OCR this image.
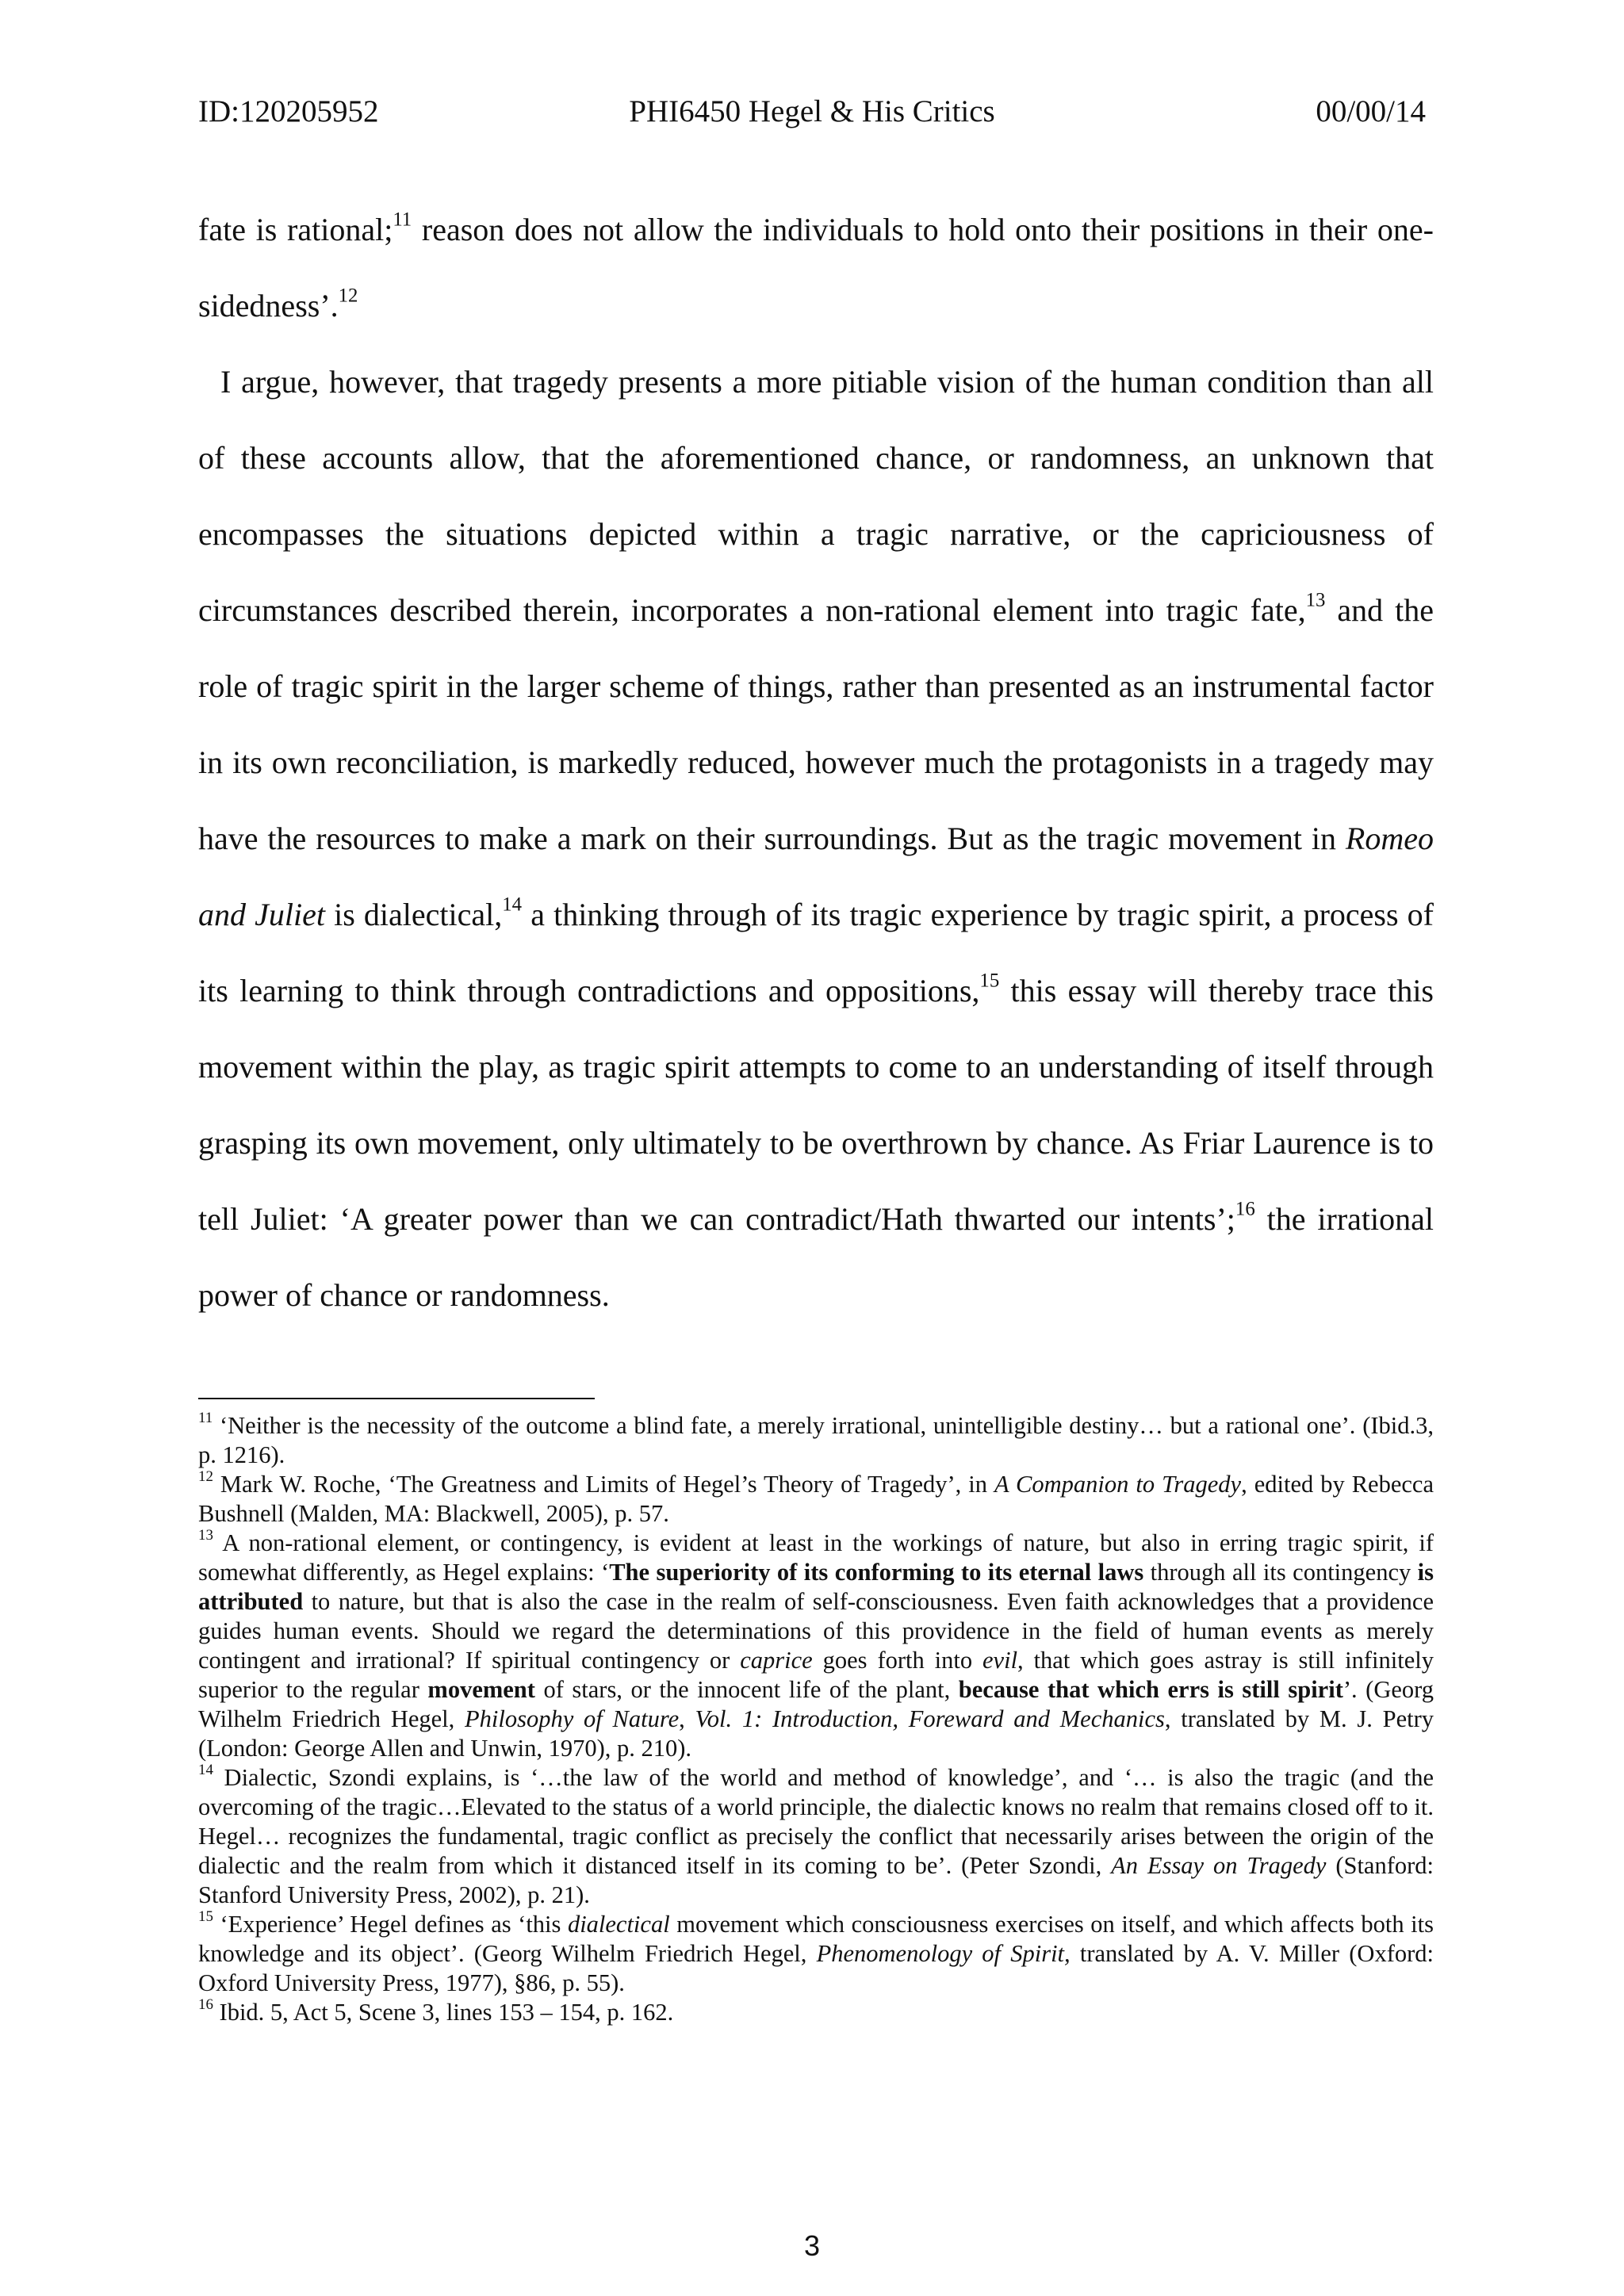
ID:120205952	PHI6450 Hegel & His Critics	00/00/14

fate is rational;$^{11}$ reason does not allow the individuals to hold onto their positions in their one-sidedness’.$^{12}$

I argue, however, that tragedy presents a more pitiable vision of the human condition than all of these accounts allow, that the aforementioned chance, or randomness, an unknown that encompasses the situations depicted within a tragic narrative, or the capriciousness of circumstances described therein, incorporates a non-rational element into tragic fate,$^{13}$ and the role of tragic spirit in the larger scheme of things, rather than presented as an instrumental factor in its own reconciliation, is markedly reduced, however much the protagonists in a tragedy may have the resources to make a mark on their surroundings. But as the tragic movement in Romeo and Juliet is dialectical,$^{14}$ a thinking through of its tragic experience by tragic spirit, a process of its learning to think through contradictions and oppositions,$^{15}$ this essay will thereby trace this movement within the play, as tragic spirit attempts to come to an understanding of itself through grasping its own movement, only ultimately to be overthrown by chance. As Friar Laurence is to tell Juliet: ‘A greater power than we can contradict/Hath thwarted our intents’;$^{16}$ the irrational power of chance or randomness.

$^{11}$ ‘Neither is the necessity of the outcome a blind fate, a merely irrational, unintelligible destiny… but a rational one’. (Ibid.3, p. 1216).

$^{12}$ Mark W. Roche, ‘The Greatness and Limits of Hegel’s Theory of Tragedy’, in A Companion to Tragedy, edited by Rebecca Bushnell (Malden, MA: Blackwell, 2005), p. 57.

$^{13}$ A non-rational element, or contingency, is evident at least in the workings of nature, but also in erring tragic spirit, if somewhat differently, as Hegel explains: ‘The superiority of its conforming to its eternal laws through all its contingency is attributed to nature, but that is also the case in the realm of self-consciousness. Even faith acknowledges that a providence guides human events. Should we regard the determinations of this providence in the field of human events as merely contingent and irrational? If spiritual contingency or caprice goes forth into evil, that which goes astray is still infinitely superior to the regular movement of stars, or the innocent life of the plant, because that which errs is still spirit’. (Georg Wilhelm Friedrich Hegel, Philosophy of Nature, Vol. 1: Introduction, Foreward and Mechanics, translated by M. J. Petry (London: George Allen and Unwin, 1970), p. 210).

$^{14}$ Dialectic, Szondi explains, is ‘…the law of the world and method of knowledge’, and ‘… is also the tragic (and the overcoming of the tragic…Elevated to the status of a world principle, the dialectic knows no realm that remains closed off to it. Hegel… recognizes the fundamental, tragic conflict as precisely the conflict that necessarily arises between the origin of the dialectic and the realm from which it distanced itself in its coming to be’. (Peter Szondi, An Essay on Tragedy (Stanford: Stanford University Press, 2002), p. 21).

$^{15}$ ‘Experience’ Hegel defines as ‘this dialectical movement which consciousness exercises on itself, and which affects both its knowledge and its object’. (Georg Wilhelm Friedrich Hegel, Phenomenology of Spirit, translated by A. V. Miller (Oxford: Oxford University Press, 1977), §86, p. 55).

$^{16}$ Ibid. 5, Act 5, Scene 3, lines 153 – 154, p. 162.

3
